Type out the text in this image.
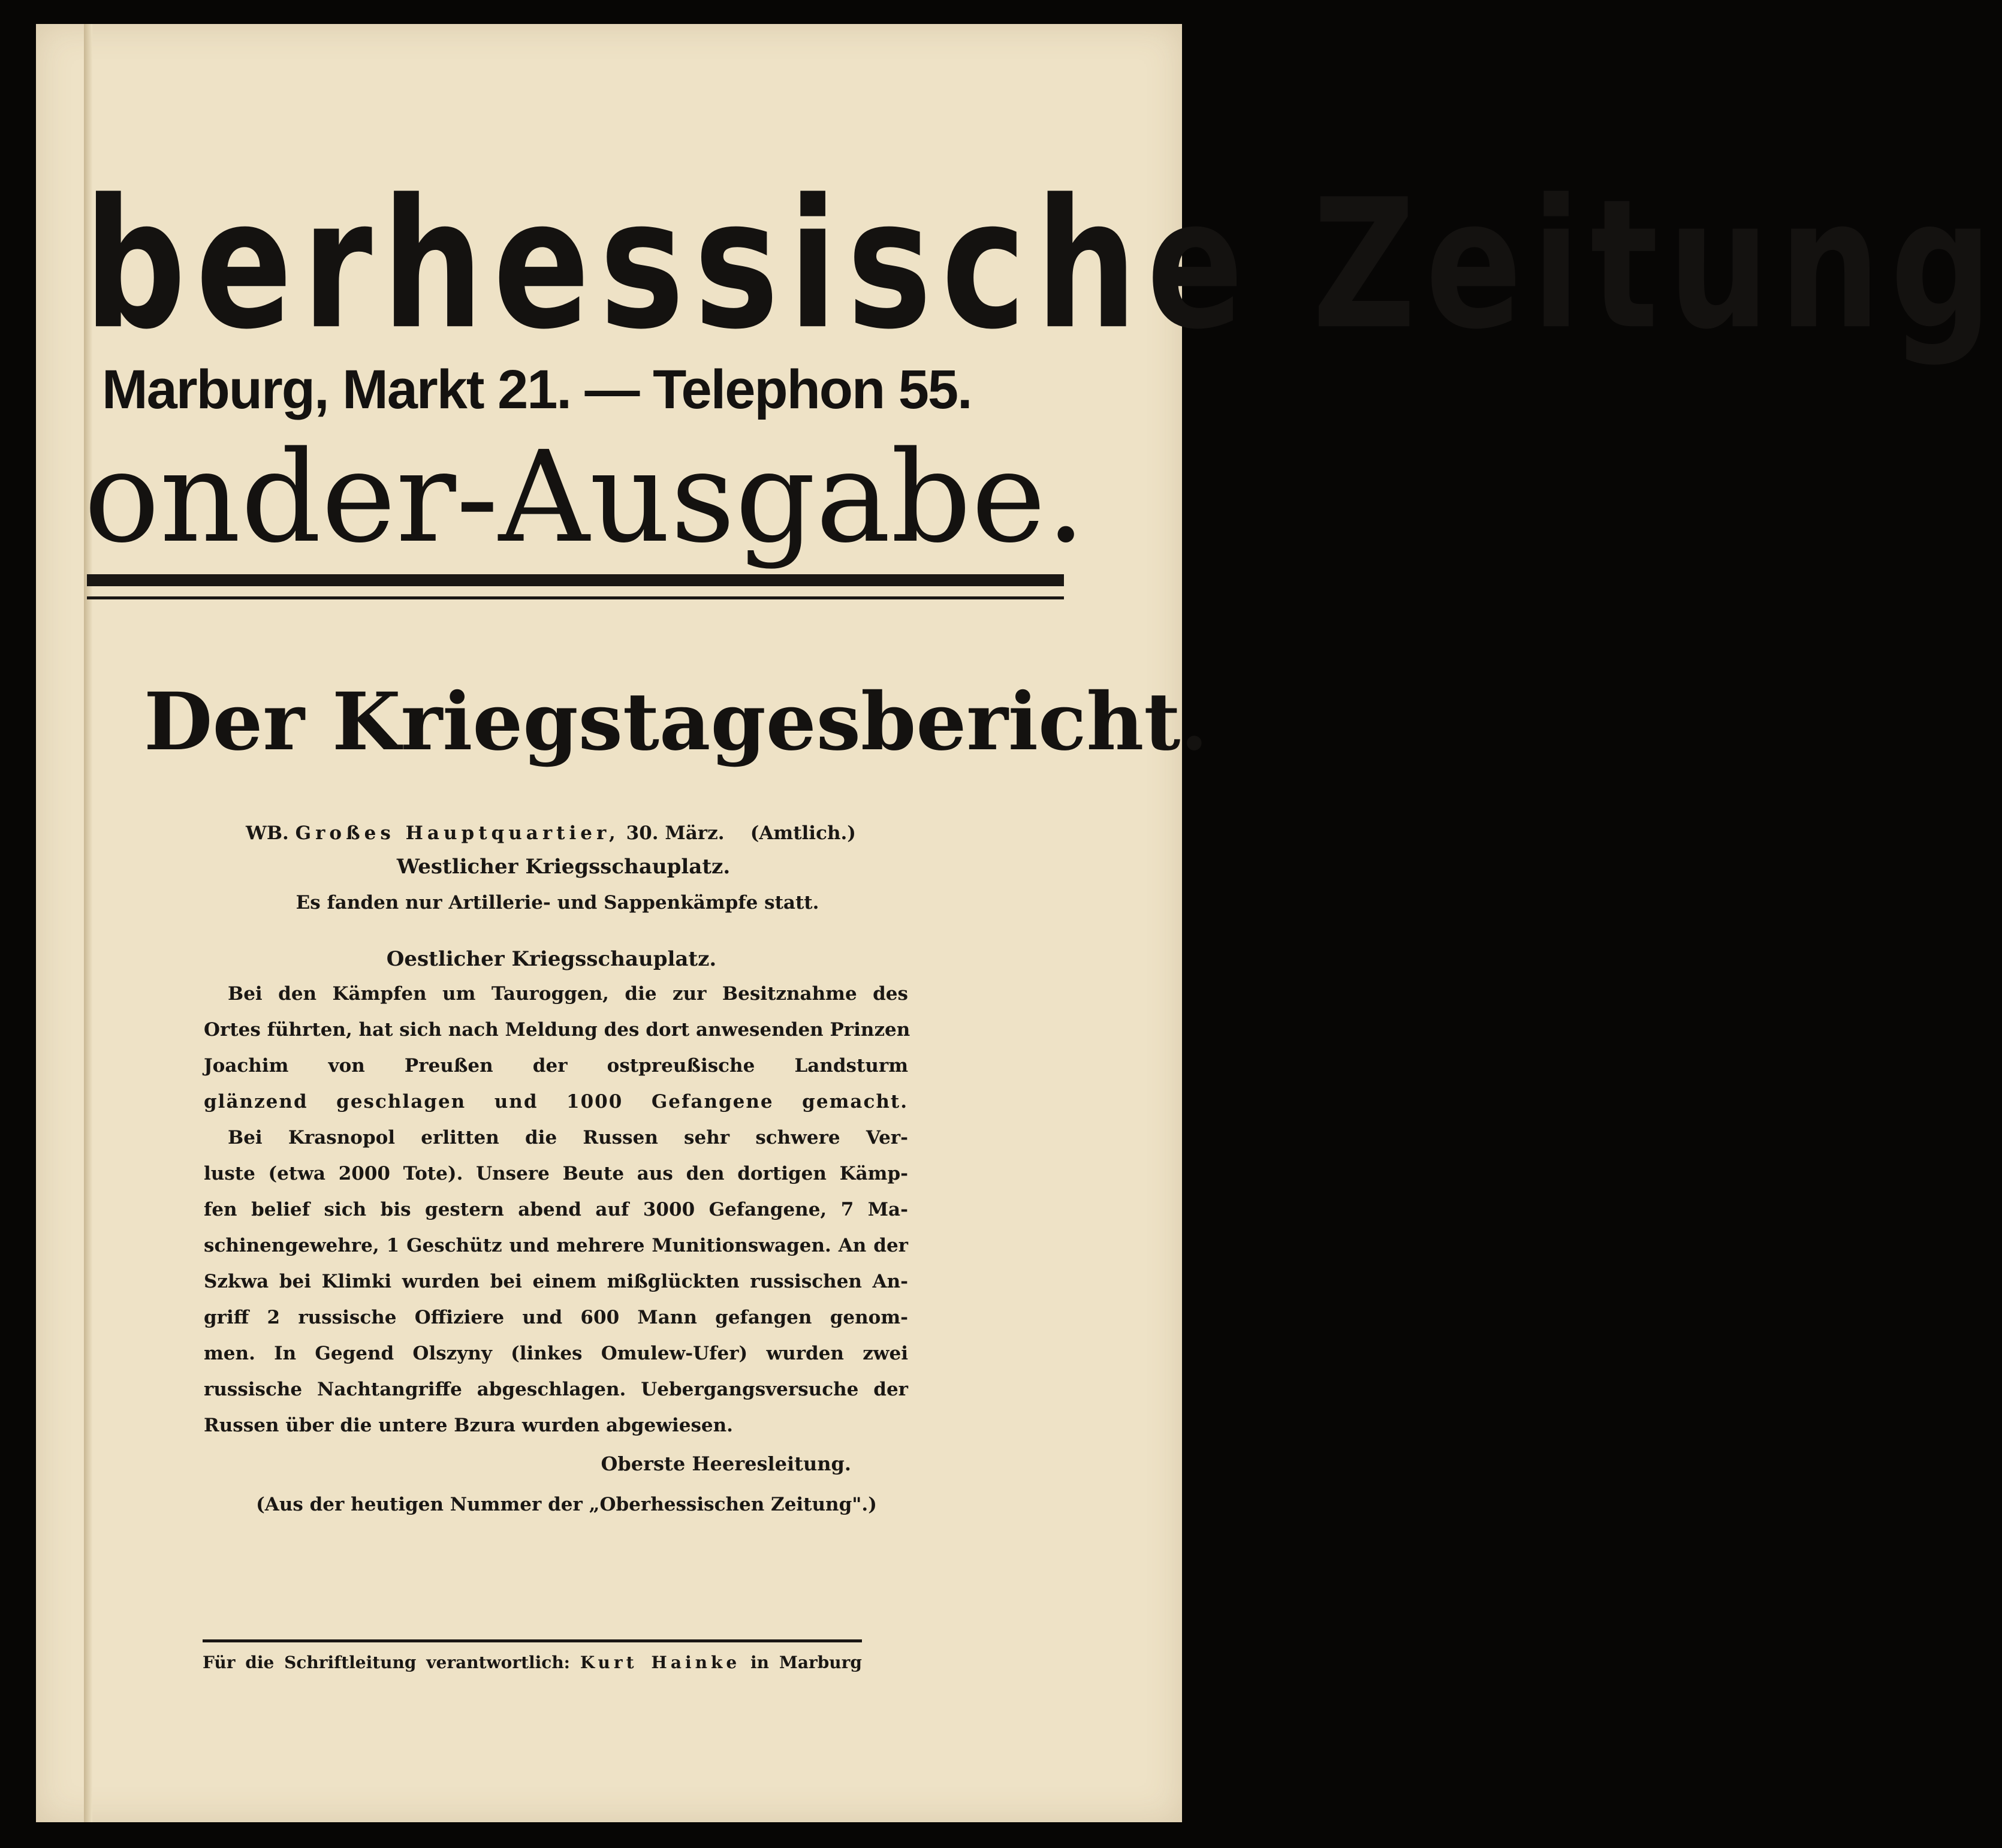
berhessische Zeitung
Marburg, Markt 21. — Telephon 55.
onder-Ausgabe.
Der Kriegstagesbericht.
WB. Großes Hauptquartier, 30. März. (Amtlich.)
Westlicher Kriegsschauplatz.
Es fanden nur Artillerie- und Sappenkämpfe statt.
Oestlicher Kriegsschauplatz.
Bei den Kämpfen um Tauroggen, die zur Besitznahme des
Ortes führten, hat sich nach Meldung des dort anwesenden Prinzen
Joachim von Preußen der ostpreußische Landsturm
glänzend geschlagen und 1000 Gefangene gemacht.
Bei Krasnopol erlitten die Russen sehr schwere Ver-
luste (etwa 2000 Tote). Unsere Beute aus den dortigen Kämp-
fen belief sich bis gestern abend auf 3000 Gefangene, 7 Ma-
schinengewehre, 1 Geschütz und mehrere Munitionswagen. An der
Szkwa bei Klimki wurden bei einem mißglückten russischen An-
griff 2 russische Offiziere und 600 Mann gefangen genom-
men. In Gegend Olszyny (linkes Omulew-Ufer) wurden zwei
russische Nachtangriffe abgeschlagen. Uebergangsversuche der
Russen über die untere Bzura wurden abgewiesen.
Oberste Heeresleitung.
(Aus der heutigen Nummer der „Oberhessischen Zeitung".)
Für die Schriftleitung verantwortlich: Kurt Hainke in Marburg
